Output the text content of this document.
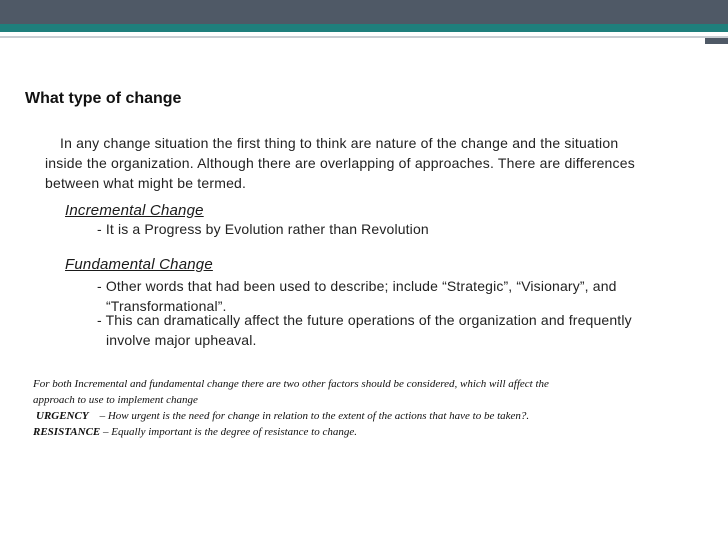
What type of change
In any change situation the first thing to think are nature of the change and the situation
inside the organization. Although there are overlapping of approaches. There are differences
between what might be termed.
Incremental Change
- It is a Progress by Evolution rather than Revolution
Fundamental Change
- Other words that had been used to describe; include “Strategic”, “Visionary”, and
“Transformational”.
- This can dramatically affect the future operations of the organization and frequently
involve major upheaval.
For both Incremental and fundamental change there are two other factors should be considered, which will affect the
approach to use to implement change
URGENCY – How urgent is the need for change in relation to the extent of the actions that have to be taken?.
RESISTANCE – Equally important is the degree of resistance to change.
